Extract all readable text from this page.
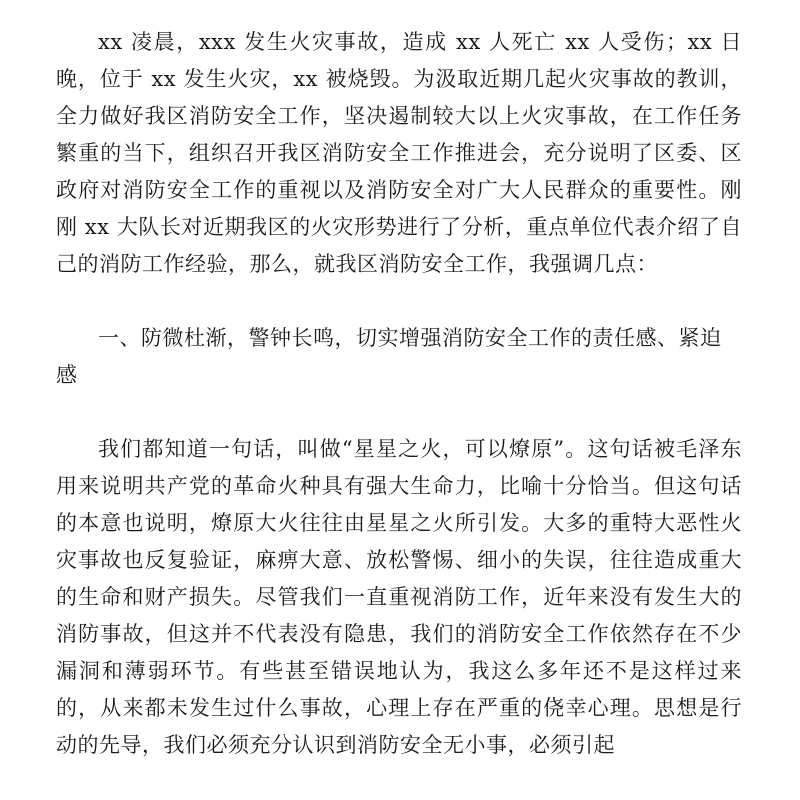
xx 凌晨，xxx 发生火灾事故，造成 xx 人死亡 xx 人受伤；xx 日晚，位于 xx 发生火灾，xx 被烧毁。为汲取近期几起火灾事故的教训，全力做好我区消防安全工作，坚决遏制较大以上火灾事故，在工作任务繁重的当下，组织召开我区消防安全工作推进会，充分说明了区委、区政府对消防安全工作的重视以及消防安全对广大人民群众的重要性。刚刚 xx 大队长对近期我区的火灾形势进行了分析，重点单位代表介绍了自己的消防工作经验，那么，就我区消防安全工作，我强调几点：

一、防微杜渐，警钟长鸣，切实增强消防安全工作的责任感、紧迫感

我们都知道一句话，叫做“星星之火，可以燎原”。这句话被毛泽东用来说明共产党的革命火种具有强大生命力，比喻十分恰当。但这句话的本意也说明，燎原大火往往由星星之火所引发。大多的重特大恶性火灾事故也反复验证，麻痹大意、放松警惕、细小的失误，往往造成重大的生命和财产损失。尽管我们一直重视消防工作，近年来没有发生大的消防事故，但这并不代表没有隐患，我们的消防安全工作依然存在不少漏洞和薄弱环节。有些甚至错误地认为，我这么多年还不是这样过来的，从来都未发生过什么事故，心理上存在严重的侥幸心理。思想是行动的先导，我们必须充分认识到消防安全无小事，必须引起
